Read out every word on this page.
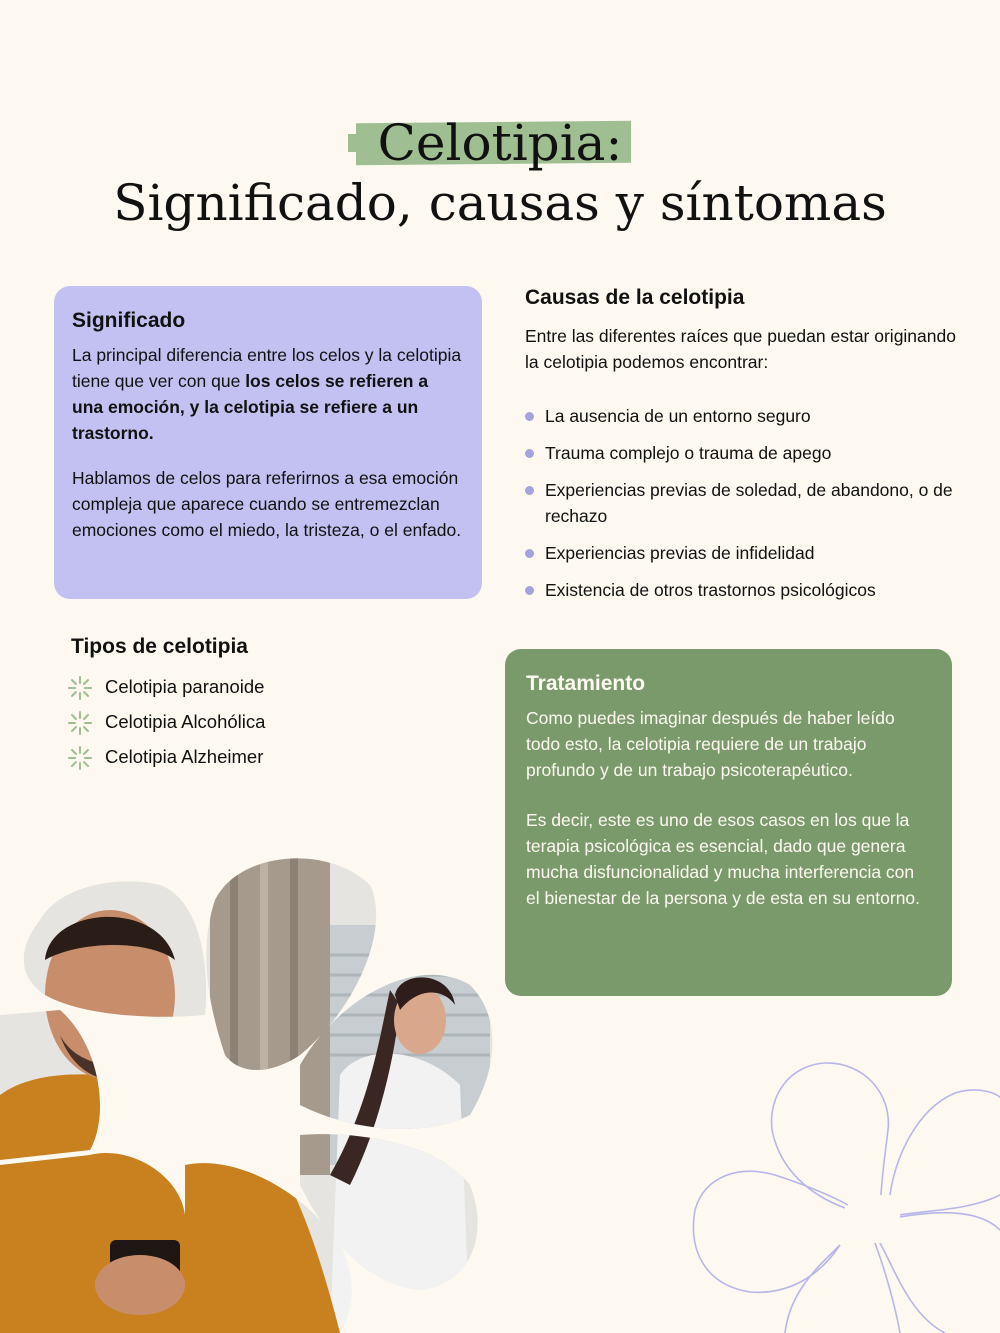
Celotipia:
Significado, causas y síntomas
Significado

La principal diferencia entre los celos y la celotipia tiene que ver con que los celos se refieren a una emoción, y la celotipia se refiere a un trastorno.

Hablamos de celos para referirnos a esa emoción compleja que aparece cuando se entremezclan emociones como el miedo, la tristeza, o el enfado.

Causas de la celotipia

Entre las diferentes raíces que puedan estar originando la celotipia podemos encontrar:

La ausencia de un entorno seguro
Trauma complejo o trauma de apego
Experiencias previas de soledad, de abandono, o de rechazo
Experiencias previas de infidelidad
Existencia de otros trastornos psicológicos
Tipos de celotipia
Celotipia paranoide
Celotipia Alcohólica
Celotipia Alzheimer
Tratamiento

Como puedes imaginar después de haber leído todo esto, la celotipia requiere de un trabajo profundo y de un trabajo psicoterapéutico.

Es decir, este es uno de esos casos en los que la terapia psicológica es esencial, dado que genera mucha disfuncionalidad y mucha interferencia con el bienestar de la persona y de esta en su entorno.
